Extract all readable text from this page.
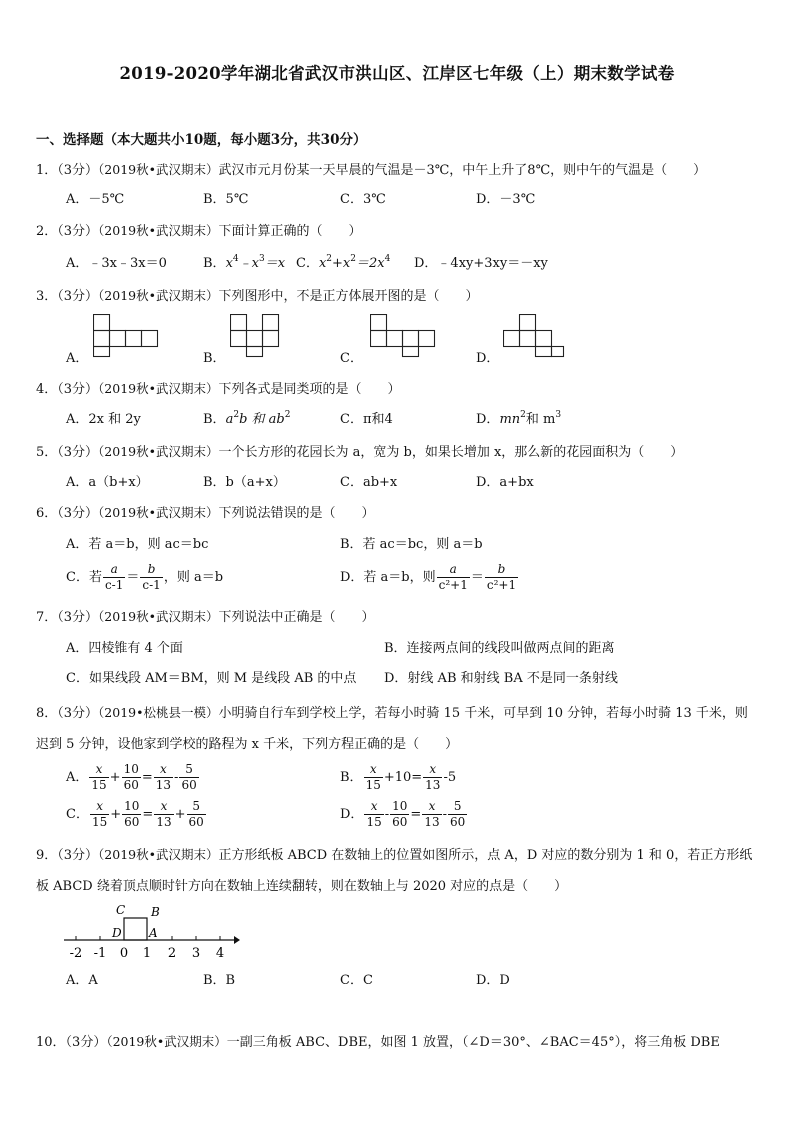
2019-2020学年湖北省武汉市洪山区、江岸区七年级（上）期末数学试卷
一、选择题（本大题共小10题，每小题3分，共30分）
1．（3分）（2019秋•武汉期末）武汉市元月份某一天早晨的气温是－3℃，中午上升了8℃，则中午的气温是（　　）
A．－5℃	B．5℃	C．3℃	D．－3℃
2．（3分）（2019秋•武汉期末）下面计算正确的（　　）
A．﹣3x﹣3x＝0	B．$x^4﹣x^3=x$ C．$x^2+x^2=2x^4$ D．﹣4xy+3xy＝－xy
3．（3分）（2019秋•武汉期末）下列图形中，不是正方体展开图的是（　　）
A．	B．	C．	D．
4．（3分）（2019秋•武汉期末）下列各式是同类项的是（　　）
A．2x 和 2y	B．$a^2b$ 和 $ab^2$	C．π和4	D．$mn^2$和 $m^3$
5．（3分）（2019秋•武汉期末）一个长方形的花园长为 a，宽为 b，如果长增加 x，那么新的花园面积为（　　）
A．a（b+x）	B．b（a+x）	C．ab+x	D．a+bx
6．（3分）（2019秋•武汉期末）下列说法错误的是（　　）
A．若 a＝b，则 ac＝bc	B．若 ac＝bc，则 a＝b
C．若 $\frac{a}{c-1} = \frac{b}{c-1}$ ，则 a＝b	D．若 a＝b，则 $\frac{a}{\text{c²+1}} = \frac{b}{\text{c²+1}}$
7．（3分）（2019秋•武汉期末）下列说法中正确是（　　）
A．四棱锥有 4 个面	B．连接两点间的线段叫做两点间的距离
C．如果线段 AM＝BM，则 M 是线段 AB 的中点 D．射线 AB 和射线 BA 不是同一条射线
8．（3分）（2019•松桃县一模）小明骑自行车到学校上学，若每小时骑 15 千米，可早到 10 分钟，若每小时骑 13 千米，则迟到 5 分钟，设他家到学校的路程为 x 千米，下列方程正确的是（　　）
A． $\frac{x}{15} + \frac{10}{60} = \frac{x}{13} - \frac{5}{60}$	B． $\frac{x}{15} +10= \frac{x}{13} -5$
C． $\frac{x}{15} + \frac{10}{60} = \frac{x}{13} + \frac{5}{60}$	D． $\frac{x}{15} - \frac{10}{60} = \frac{x}{13} - \frac{5}{60}$
9．（3分）（2019秋•武汉期末）正方形纸板 ABCD 在数轴上的位置如图所示，点 A，D 对应的数分别为 1 和 0，若正方形纸板 ABCD 绕着顶点顺时针方向在数轴上连续翻转，则在数轴上与 2020 对应的点是（　　）
C B
D A
-2 -1 0 1 2 3 4
A．A	B．B	C．C	D．D
10．（3分）（2019秋•武汉期末）一副三角板 ABC、DBE，如图 1 放置，（∠D＝30°、∠BAC＝45°），将三角板 DBE
